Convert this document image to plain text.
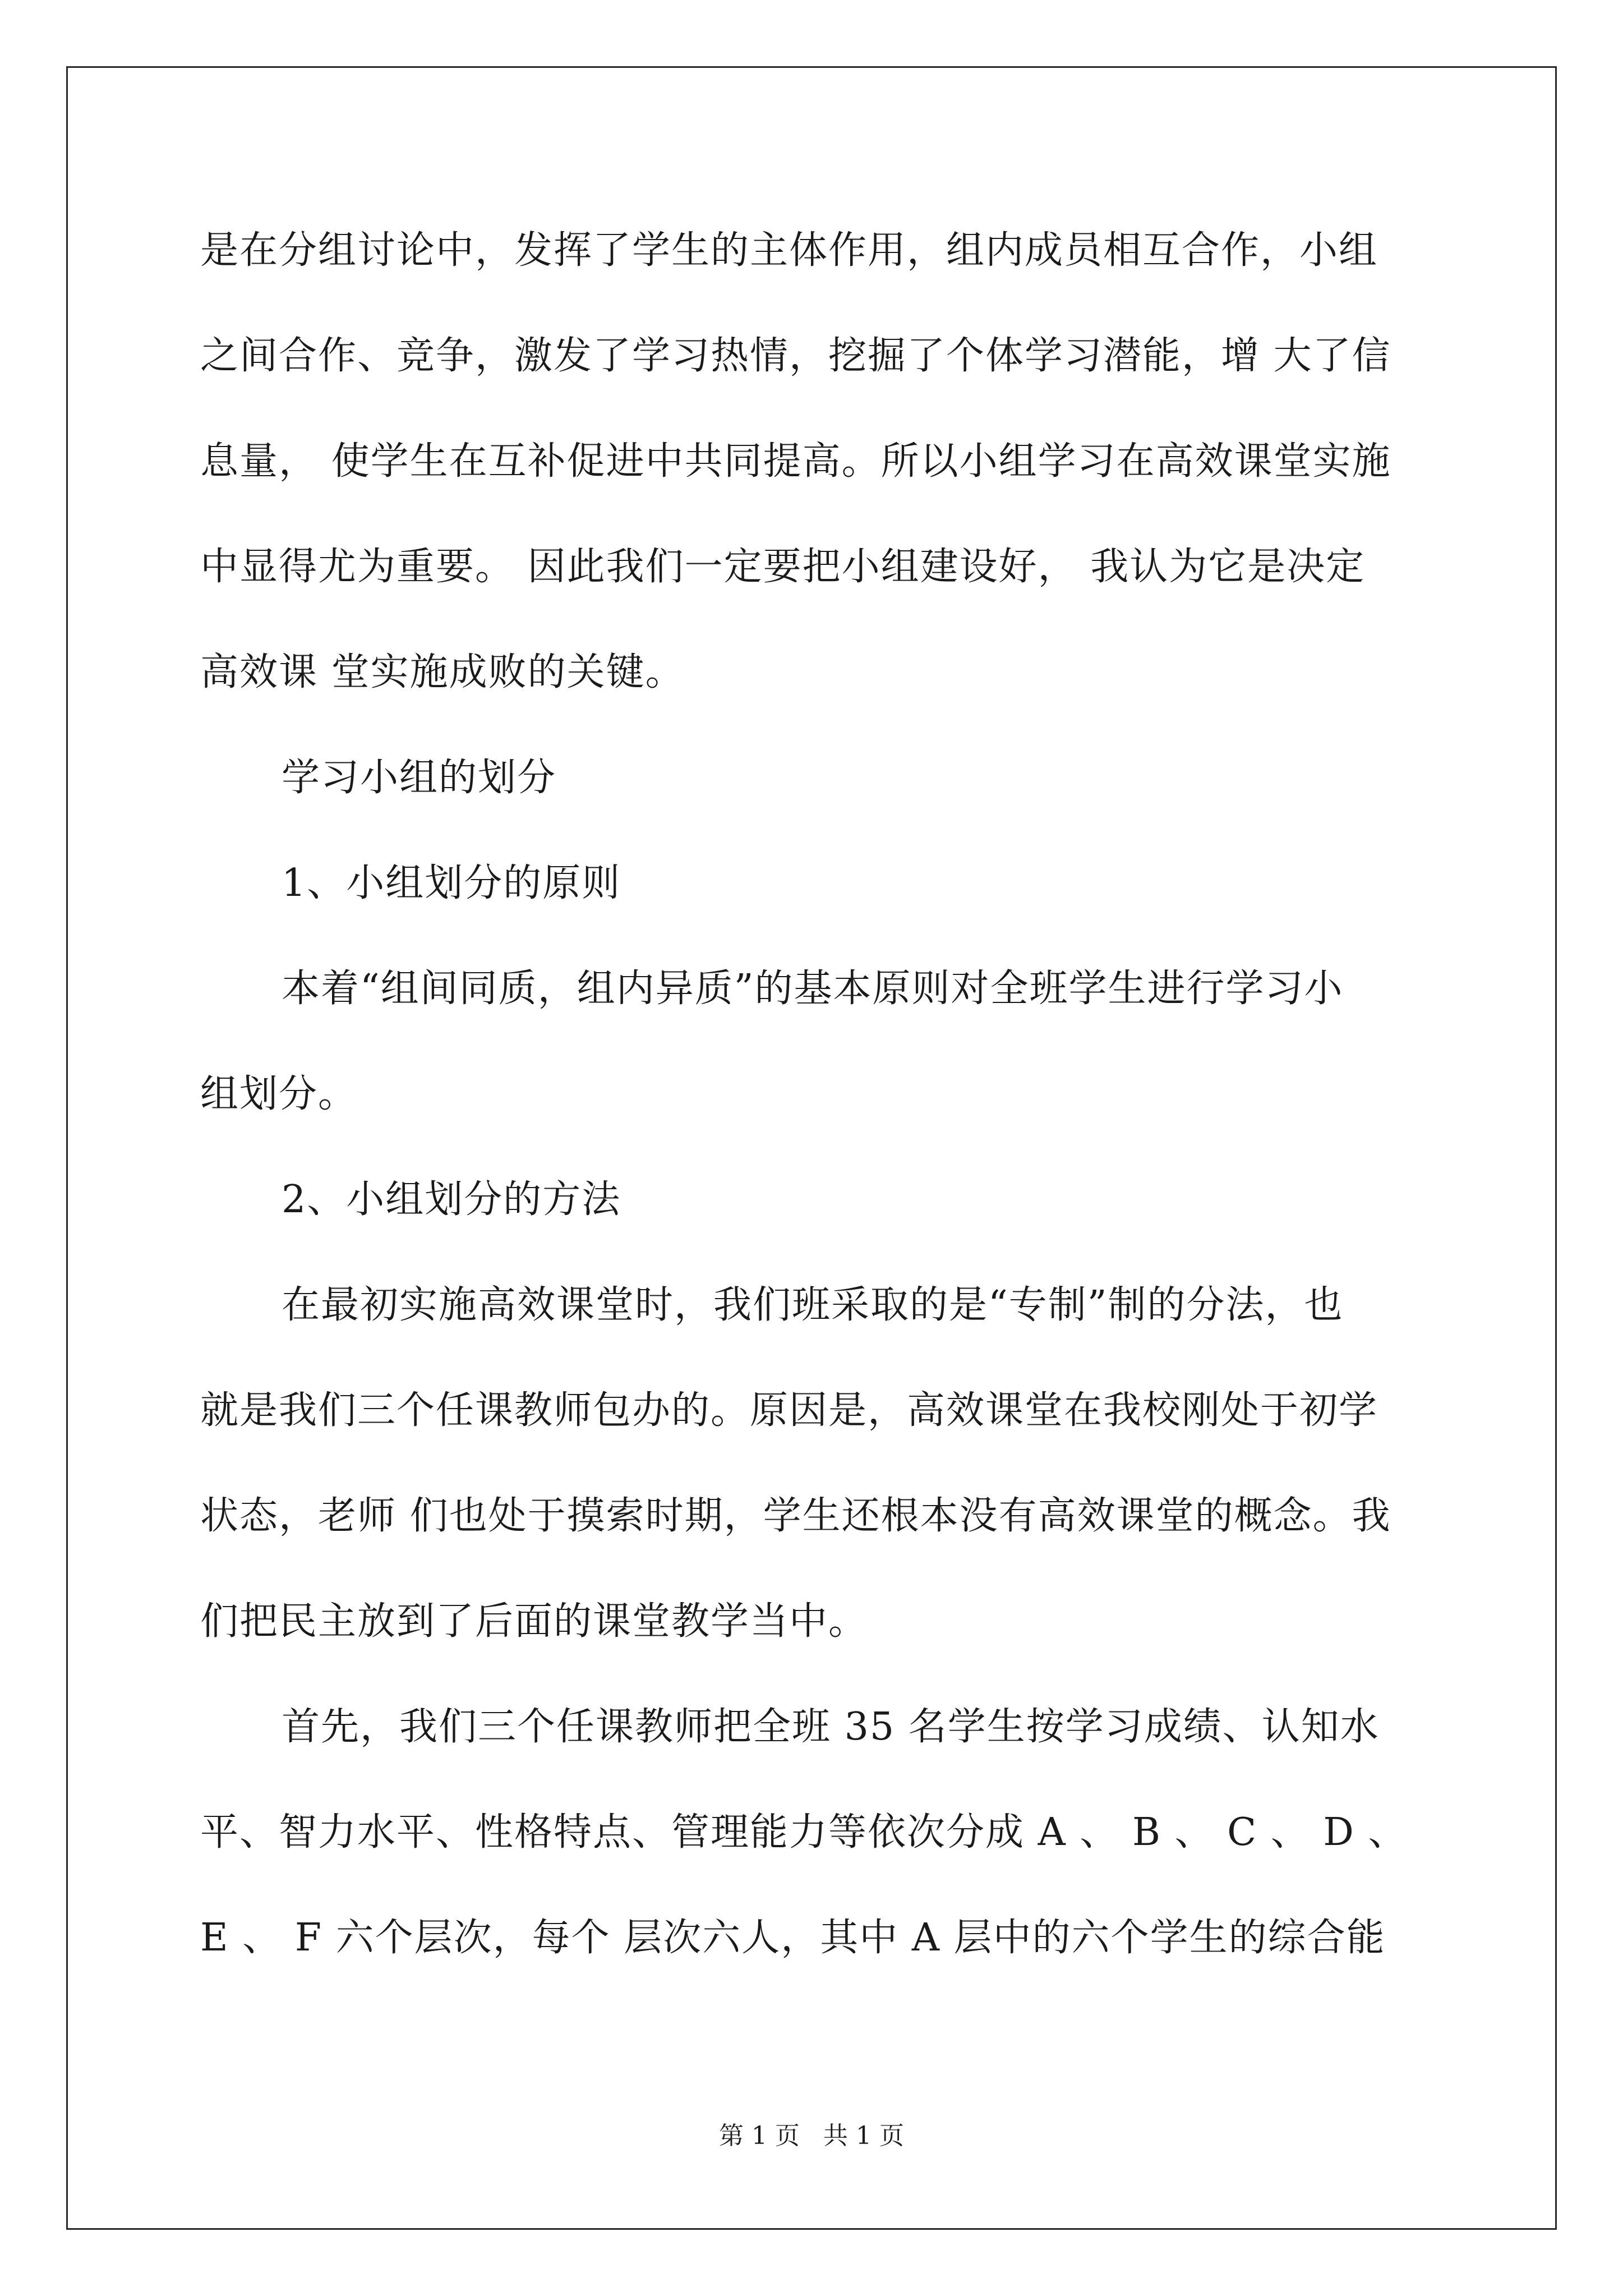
是在分组讨论中，发挥了学生的主体作用，组内成员相互合作，小组
之间合作、竞争，激发了学习热情，挖掘了个体学习潜能，增 大了信
息量， 使学生在互补促进中共同提高。所以小组学习在高效课堂实施
中显得尤为重要。 因此我们一定要把小组建设好， 我认为它是决定
高效课 堂实施成败的关键。
学习小组的划分
1、小组划分的原则
本着“组间同质，组内异质”的基本原则对全班学生进行学习小
组划分。
2、小组划分的方法
在最初实施高效课堂时，我们班采取的是“专制”制的分法，也
就是我们三个任课教师包办的。原因是，高效课堂在我校刚处于初学
状态，老师 们也处于摸索时期，学生还根本没有高效课堂的概念。我
们把民主放到了后面的课堂教学当中。
首先，我们三个任课教师把全班 35 名学生按学习成绩、认知水
平、智力水平、性格特点、管理能力等依次分成 A 、 B 、 C 、 D 、
E 、 F 六个层次，每个 层次六人，其中 A 层中的六个学生的综合能
第 1 页   共 1 页
